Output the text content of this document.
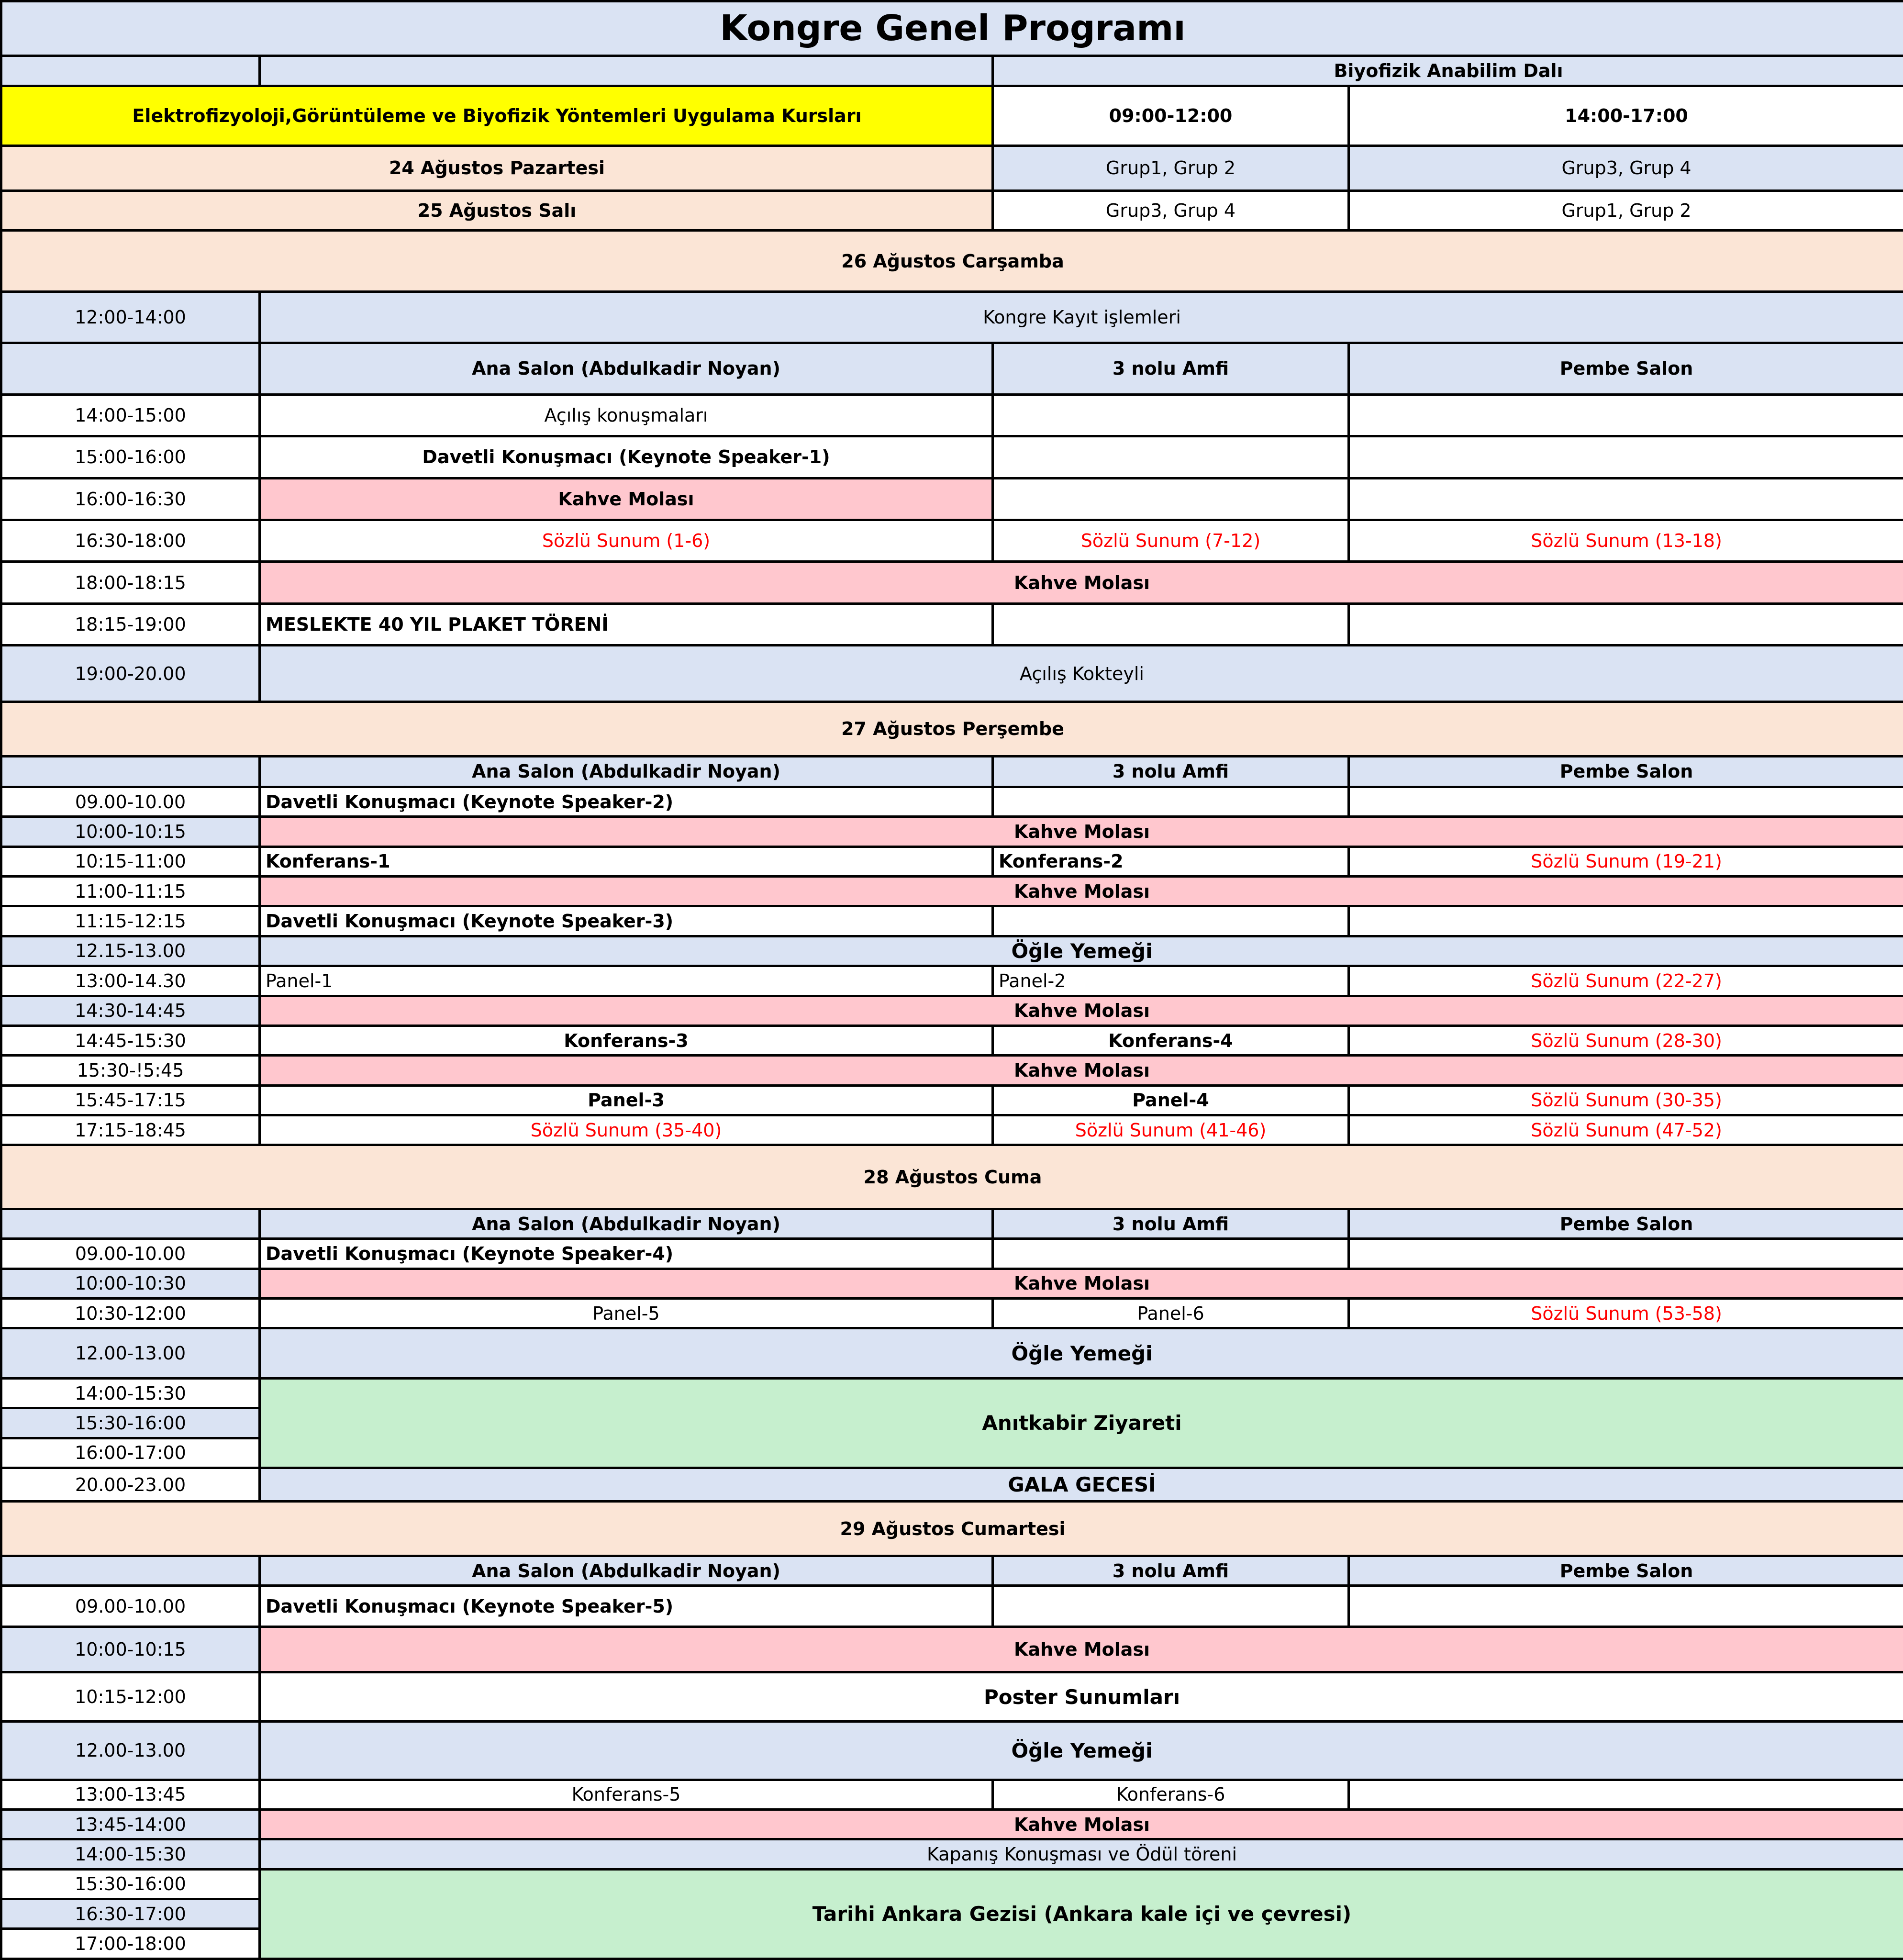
Kongre Genel Programı			
		Biyofizik Anabilim Dalı	
Elektrofizyoloji,Görüntüleme ve Biyofizik Yöntemleri Uygulama Kursları		09:00-12:00	14:00-17:00
24 Ağustos Pazartesi		Grup1, Grup 2	Grup3, Grup 4
25 Ağustos Salı		Grup3, Grup 4	Grup1, Grup 2
26 Ağustos Carşamba			
12:00-14:00	Kongre Kayıt işlemleri		
	Ana Salon (Abdulkadir Noyan)	3 nolu Amfi	Pembe Salon
14:00-15:00	Açılış konuşmaları		
15:00-16:00	Davetli Konuşmacı (Keynote Speaker-1)		
16:00-16:30	Kahve Molası		
16:30-18:00	Sözlü Sunum (1-6)	Sözlü Sunum (7-12)	Sözlü Sunum (13-18)
18:00-18:15	Kahve Molası		
18:15-19:00	MESLEKTE 40 YIL PLAKET TÖRENİ		
19:00-20.00	Açılış Kokteyli		
27 Ağustos Perşembe			
	Ana Salon (Abdulkadir Noyan)	3 nolu Amfi	Pembe Salon
09.00-10.00	Davetli Konuşmacı (Keynote Speaker-2)		
10:00-10:15	Kahve Molası		
10:15-11:00	Konferans-1	Konferans-2	Sözlü Sunum (19-21)
11:00-11:15	Kahve Molası		
11:15-12:15	Davetli Konuşmacı (Keynote Speaker-3)		
12.15-13.00	Öğle Yemeği		
13:00-14.30	Panel-1	Panel-2	Sözlü Sunum (22-27)
14:30-14:45	Kahve Molası		
14:45-15:30	Konferans-3	Konferans-4	Sözlü Sunum (28-30)
15:30-!5:45	Kahve Molası		
15:45-17:15	Panel-3	Panel-4	Sözlü Sunum (30-35)
17:15-18:45	Sözlü Sunum (35-40)	Sözlü Sunum (41-46)	Sözlü Sunum (47-52)
28 Ağustos Cuma			
	Ana Salon (Abdulkadir Noyan)	3 nolu Amfi	Pembe Salon
09.00-10.00	Davetli Konuşmacı (Keynote Speaker-4)		
10:00-10:30	Kahve Molası		
10:30-12:00	Panel-5	Panel-6	Sözlü Sunum (53-58)
12.00-13.00	Öğle Yemeği		
14:00-15:30	Anıtkabir Ziyareti		
15:30-16:00			
16:00-17:00			
20.00-23.00	GALA GECESİ		
29 Ağustos Cumartesi			
	Ana Salon (Abdulkadir Noyan)	3 nolu Amfi	Pembe Salon
09.00-10.00	Davetli Konuşmacı (Keynote Speaker-5)		
10:00-10:15	Kahve Molası		
10:15-12:00	Poster Sunumları		
12.00-13.00	Öğle Yemeği		
13:00-13:45	Konferans-5	Konferans-6	
13:45-14:00	Kahve Molası		
14:00-15:30	Kapanış Konuşması ve Ödül töreni		
15:30-16:00	Tarihi Ankara Gezisi (Ankara kale içi ve çevresi)		
16:30-17:00			
17:00-18:00			
